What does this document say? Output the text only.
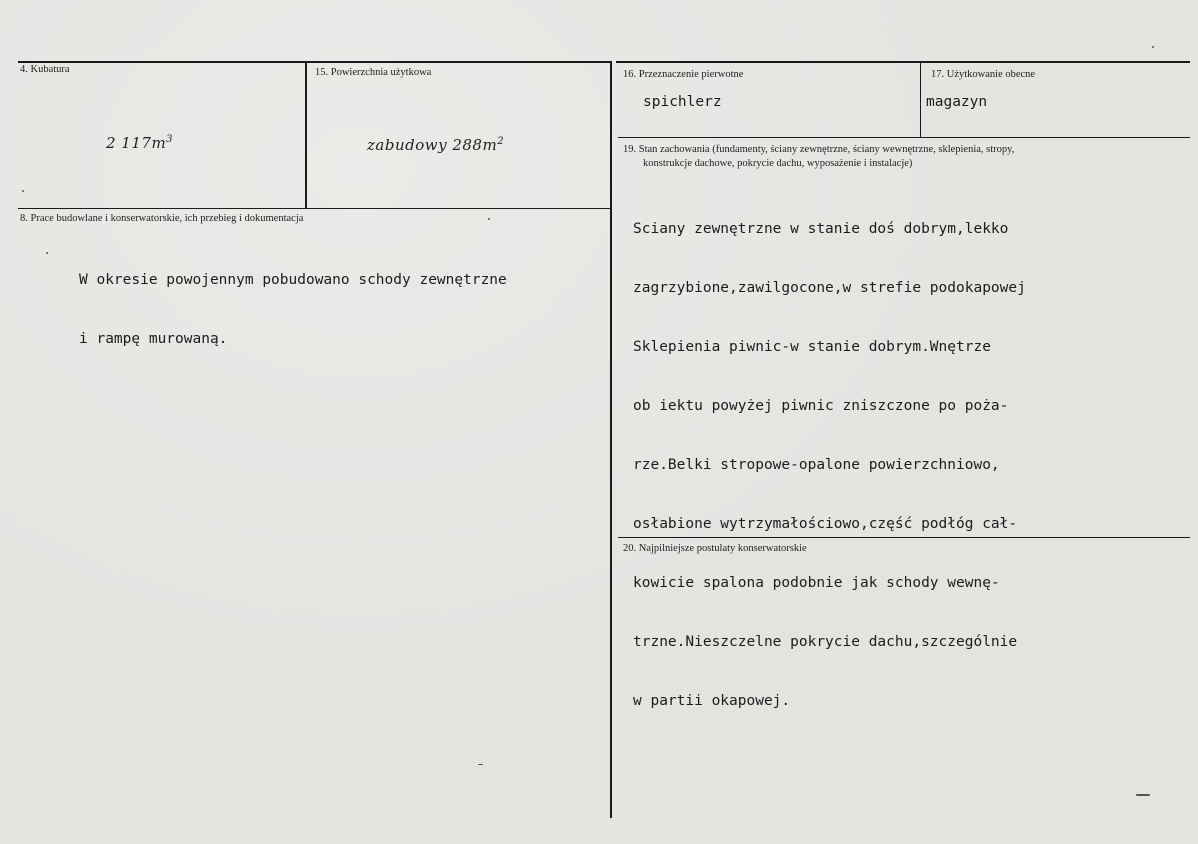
4. Kubatura
2 $117m^3$
15. Powierzchnia użytkowa
zabudowy $288m^2$
16. Przeznaczenie pierwotne
spichlerz
17. Użytkowanie obecne
magazyn
19. Stan zachowania (fundamenty, ściany zewnętrzne, ściany wewnętrzne, sklepienia, stropy,
konstrukcje dachowe, pokrycie dachu, wyposażenie i instalacje)

Sciany zewnętrzne w stanie doś dobrym,lekko

zagrzybione,zawilgocone,w strefie podokapowej

Sklepienia piwnic-w stanie dobrym.Wnętrze

ob iektu powyżej piwnic zniszczone po poża-

rze.Belki stropowe-opalone powierzchniowo,

osłabione wytrzymałościowo,część podłóg cał-

kowicie spalona podobnie jak schody wewnę-

trzne.Nieszczelne pokrycie dachu,szczególnie

w partii okapowej.

8. Prace budowlane i konserwatorskie, ich przebieg i dokumentacja

W okresie powojennym pobudowano schody zewnętrzne

i rampę murowaną.

20. Najpilniejsze postulaty konserwatorskie
